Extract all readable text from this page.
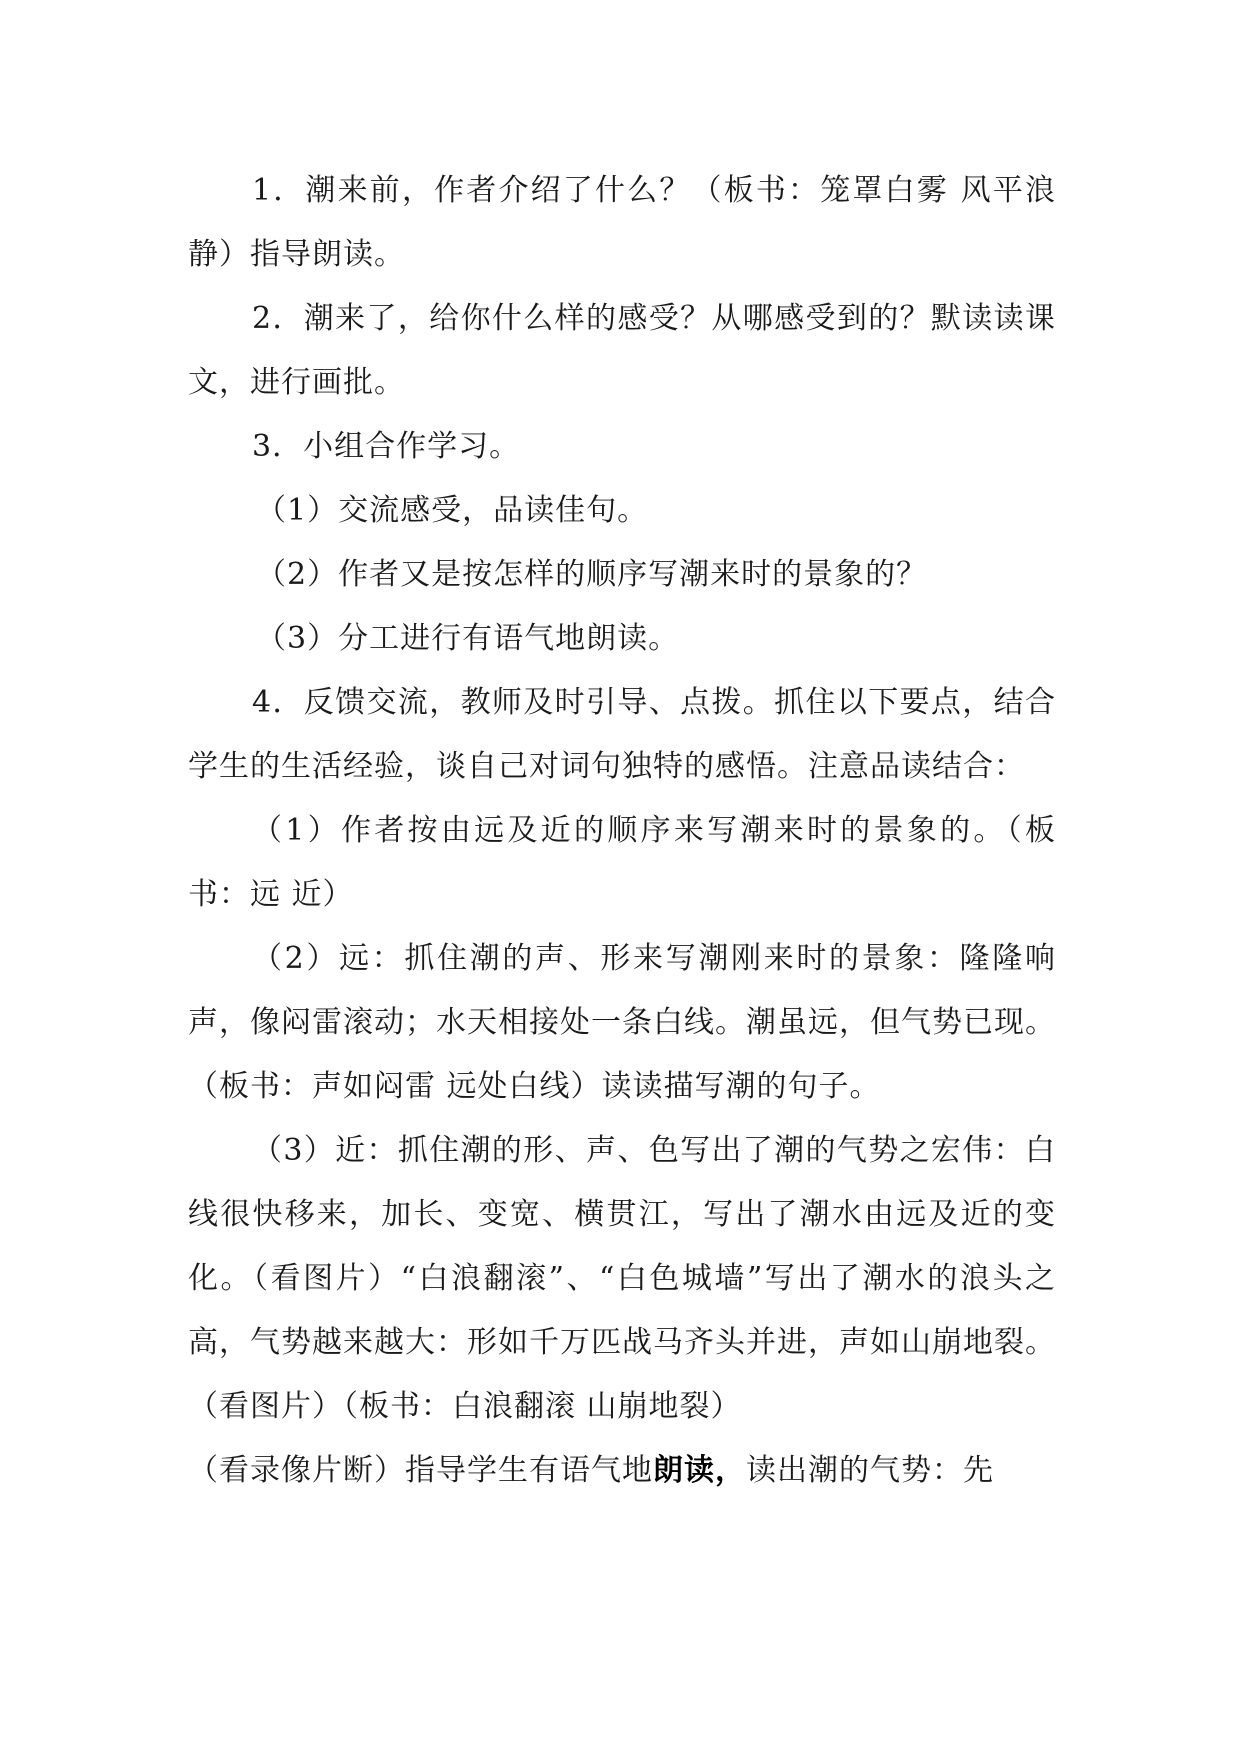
1．潮来前，作者介绍了什么？（板书：笼罩白雾 风平浪静）指导朗读。

2．潮来了，给你什么样的感受？从哪感受到的？默读读课文，进行画批。

3．小组合作学习。

（1）交流感受，品读佳句。

（2）作者又是按怎样的顺序写潮来时的景象的？

（3）分工进行有语气地朗读。

4．反馈交流，教师及时引导、点拨。抓住以下要点，结合学生的生活经验，谈自己对词句独特的感悟。注意品读结合：

（1）作者按由远及近的顺序来写潮来时的景象的。（板书：远 近）

（2）远：抓住潮的声、形来写潮刚来时的景象：隆隆响声，像闷雷滚动；水天相接处一条白线。潮虽远，但气势已现。（板书：声如闷雷 远处白线）读读描写潮的句子。

（3）近：抓住潮的形、声、色写出了潮的气势之宏伟：白线很快移来，加长、变宽、横贯江，写出了潮水由远及近的变化。（看图片）“白浪翻滚”、“白色城墙”写出了潮水的浪头之高，气势越来越大：形如千万匹战马齐头并进，声如山崩地裂。（看图片）（板书：白浪翻滚 山崩地裂）

（看录像片断）指导学生有语气地朗读，读出潮的气势：先
